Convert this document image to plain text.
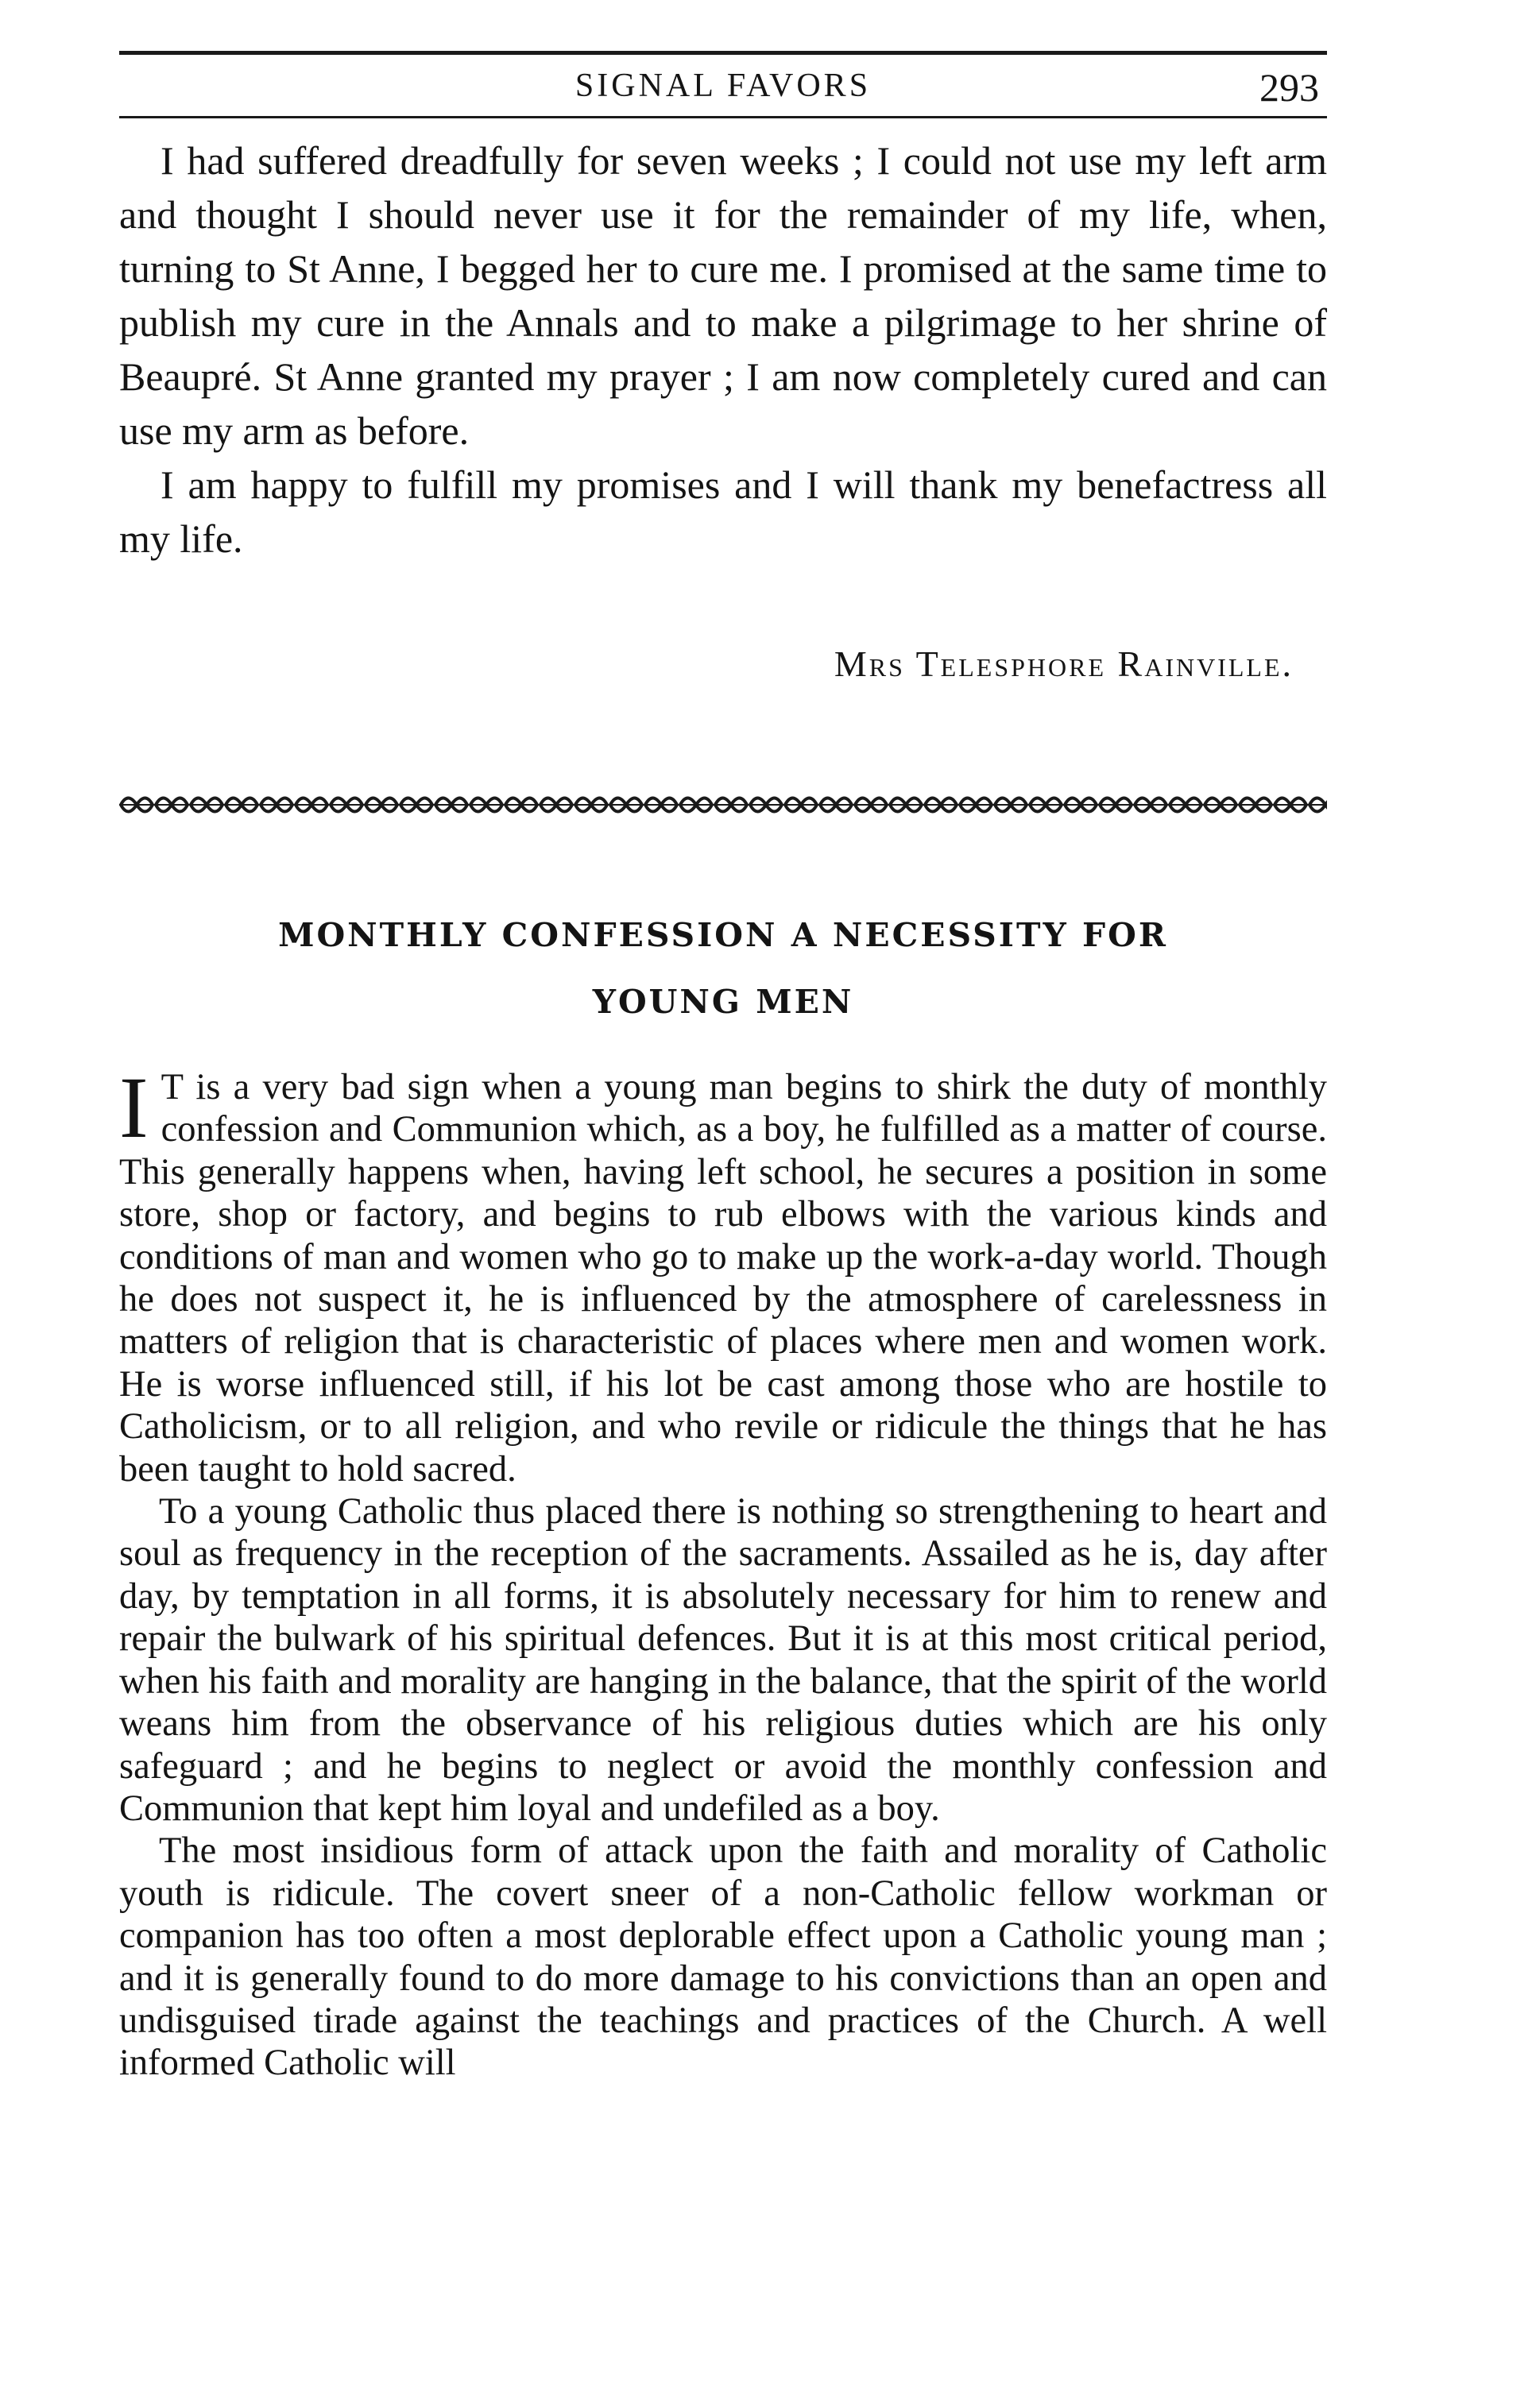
SIGNAL FAVORS	293

I had suffered dreadfully for seven weeks ; I could not use my left arm and thought I should never use it for the remainder of my life, when, turning to St Anne, I begged her to cure me. I promised at the same time to publish my cure in the Annals and to make a pilgrimage to her shrine of Beaupré. St Anne granted my prayer ; I am now completely cured and can use my arm as before.

I am happy to fulfill my promises and I will thank my benefactress all my life.

Mrs Telesphore Rainville.
MONTHLY CONFESSION A NECESSITY FOR
YOUNG MEN

I T is a very bad sign when a young man begins to shirk the duty of monthly confession and Communion which, as a boy, he fulfilled as a matter of course. This generally happens when, having left school, he secures a position in some store, shop or factory, and begins to rub elbows with the various kinds and conditions of man and women who go to make up the work-a-day world. Though he does not suspect it, he is influenced by the atmosphere of carelessness in matters of religion that is characteristic of places where men and women work. He is worse influenced still, if his lot be cast among those who are hostile to Catholicism, or to all religion, and who revile or ridicule the things that he has been taught to hold sacred.

To a young Catholic thus placed there is nothing so strengthening to heart and soul as frequency in the reception of the sacraments. Assailed as he is, day after day, by temptation in all forms, it is absolutely necessary for him to renew and repair the bulwark of his spiritual defences. But it is at this most critical period, when his faith and morality are hanging in the balance, that the spirit of the world weans him from the observance of his religious duties which are his only safeguard ; and he begins to neglect or avoid the monthly confession and Communion that kept him loyal and undefiled as a boy.

The most insidious form of attack upon the faith and morality of Catholic youth is ridicule. The covert sneer of a non-Catholic fellow workman or companion has too often a most deplorable effect upon a Catholic young man ; and it is generally found to do more damage to his convictions than an open and undisguised tirade against the teachings and practices of the Church. A well informed Catholic will
